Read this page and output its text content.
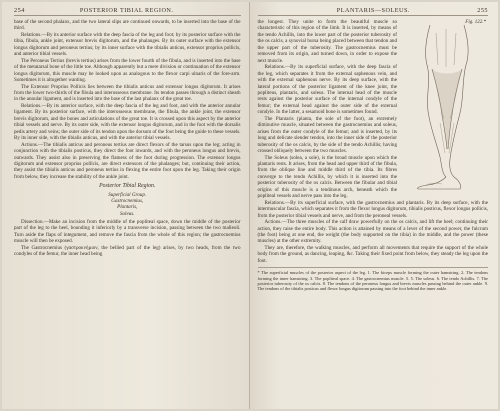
254	POSTERIOR TIBIAL REGION.

base of the second phalanx, and the two lateral slips are continued onwards, to be inserted into the base of the third.

Relations.—By its anterior surface with the deep fascia of the leg and foot; by its posterior surface with the tibia, fibula, ankle joint, extensor brevis digitorum, and the phalanges. By its outer surface with the extensor longus digitorum and peroneus tertius; by its inner surface with the tibialis anticus, extensor proprius pollicis, and anterior tibial vessels.

The Peroneus Tertius (brevis tertius) arises from the lower fourth of the fibula, and is inserted into the base of the metatarsal bone of the little toe. Although apparently but a mere division or continuation of the extensor longus digitorum, this muscle may be looked upon as analogous to the flexor carpi ulnaris of the fore-arm. Sometimes it is altogether wanting.

The Extensor Proprius Pollicis lies between the tibialis anticus and extensor longus digitorum. It arises from the lower two-thirds of the fibula and interosseous membrane. Its tendon passes through a distinct sheath in the annular ligament, and is inserted into the base of the last phalanx of the great toe.

Relations.—By its anterior surface, with the deep fascia of the leg and foot, and with the anterior annular ligament. By its posterior surface, with the interosseous membrane, the fibula, the ankle joint, the extensor brevis digitorum, and the bones and articulations of the great toe. It is crossed upon this aspect by the anterior tibial vessels and nerve. By its outer side, with the extensor longus digitorum, and in the foot with the dorsalis pedis artery and veins; the outer side of its tendon upon the dorsum of the foot being the guide to these vessels. By its inner side, with the tibialis anticus, and with the anterior tibial vessels.

Actions.—The tibialis anticus and peroneus tertius are direct flexors of the tarsus upon the leg; acting in conjunction with the tibialis posticus, they direct the foot inwards, and with the peroneus longus and brevis, outwards. They assist also in preserving the flatness of the foot during progression. The extensor longus digitorum and extensor proprius pollicis, are direct extensors of the phalanges; but, continuing their action, they assist the tibialis anticus and peroneus tertius in flexing the entire foot upon the leg. Taking their origin from below, they increase the stability of the ankle joint.

Posterior Tibial Region.

Superficial Group.

Gastrocnemius,

Plantaris,

Soleus.

Dissection.—Make an incision from the middle of the popliteal space, down the middle of the posterior part of the leg to the heel, bounding it inferiorly by a transverse incision, passing between the two malleoli. Turn aside the flaps of integument, and remove the fascia from the whole of this region; the gastrocnemius muscle will then be exposed.

The Gastrocnemius (γαστροκνήμιον, the bellied part of the leg) arises, by two heads, from the two condyles of the femur, the inner head being

PLANTARIS—SOLEUS.	255
Fig. 122.*

the longest. They unite to form the beautiful muscle so characteristic of this region of the limb. It is inserted, by means of the tendo Achillis, into the lower part of the posterior tuberosity of the os calcis, a synovial bursa being placed between that tendon and the upper part of the tuberosity. The gastrocnemius must be removed from its origin, and turned down, in order to expose the next muscle.

Relations.—By its superficial surface, with the deep fascia of the leg, which separates it from the external saphenous vein, and with the external saphenous nerve. By its deep surface, with the lateral portions of the posterior ligament of the knee joint, the popliteus, plantaris, and soleus. The internal head of the muscle rests against the posterior surface of the internal condyle of the femur; the external head against the outer side of the external condyle. In the latter, a sesamoid bone is sometimes found.

The Plantaris (planta, the sole of the foot), an extremely diminutive muscle, situated between the gastrocnemius and soleus, arises from the outer condyle of the femur; and is inserted, by its long and delicate slender tendon, into the inner side of the posterior tuberosity of the os calcis, by the side of the tendo Achillis; having crossed obliquely between the two muscles.

The Soleus (solea, a sole), is the broad muscle upon which the plantaris rests. It arises, from the head and upper third of the fibula, from the oblique line and middle third of the tibia. Its fibres converge to the tendo Achillis, by which it is inserted into the posterior tuberosity of the os calcis. Between the fibular and tibial origins of this muscle is a tendinous arch, beneath which the popliteal vessels and nerve pass into the leg.

Relations.—By its superficial surface, with the gastrocnemius and plantaris. By its deep surface, with the intermuscular fascia, which separates it from the flexor longus digitorum, tibialis posticus, flexor longus pollicis, from the posterior tibial vessels and nerve, and from the peroneal vessels.

Actions.—The three muscles of the calf draw powerfully on the os calcis, and lift the heel; continuing their action, they raise the entire body. This action is attained by means of a lever of the second power, the fulcrum (the foot) being at one end, the weight (the body supported on the tibia) in the middle, and the power (these muscles) at the other extremity.

They are, therefore, the walking muscles, and perform all movements that require the support of the whole body from the ground, as dancing, leaping, &c. Taking their fixed point from below, they steady the leg upon the foot.

* The superficial muscles of the posterior aspect of the leg. 1. The biceps muscle forming the outer hamstring. 2. The tendons forming the inner hamstring. 3. The popliteal space. 4. The gastrocnemius muscle. 5. 5. The soleus. 6. The tendo Achillis. 7. The posterior tuberosity of the os calcis. 8. The tendons of the peroneus longus and brevis muscles passing behind the outer ankle. 9. The tendons of the tibialis posticus and flexor longus digitorum passing into the foot behind the inner ankle.
